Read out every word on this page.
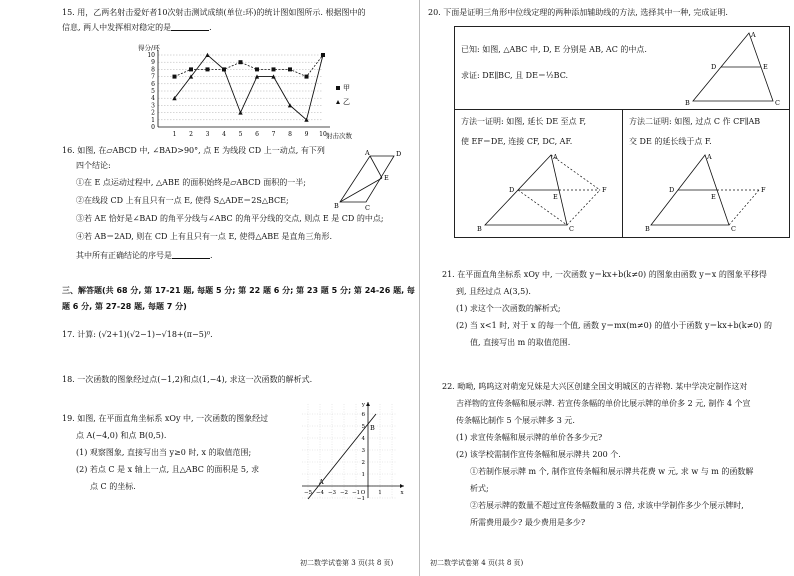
15. 用，乙两名射击爱好者10次射击测试成绩(单位:环)的统计图如图所示. 根据图中的

信息, 两人中发挥相对稳定的是	.

得分/环
射击次数
10
9
8
7
6
5
4
3
2
1
0
1 2 3 4 5 6 7 8 9 10
甲
乙

16. 如图, 在▱ABCD 中, ∠BAD>90°, 点 E 为线段 CD 上一动点, 有下列

四个结论:

①在 E 点运动过程中, △ABE 的面积始终是▱ABCD 面积的一半;

②在线段 CD 上有且只有一点 E, 使得 S△ADE＝2S△BCE;

③若 AE 恰好是∠BAD 的角平分线与∠ABC 的角平分线的交点, 则点 E 是 CD 的中点;

④若 AB＝2AD, 则在 CD 上有且只有一点 E, 使得△ABE 是直角三角形.

其中所有正确结论的序号是	.

A	D
E
B	C

三、解答题(共 68 分, 第 17-21 题, 每题 5 分; 第 22 题 6 分; 第 23 题 5 分; 第 24-26 题, 每

题 6 分, 第 27-28 题, 每题 7 分)

17. 计算: (√2+1)(√2−1)−√18+(π−5)⁰.

18. 一次函数的图象经过点(−1,2)和点(1,−4), 求这一次函数的解析式.

19. 如图, 在平面直角坐标系 xOy 中, 一次函数的图象经过

点 A(−4,0) 和点 B(0,5).

(1) 观察图象, 直接写出当 y≥0 时, x 的取值范围;

(2) 若点 C 是 x 轴上一点, 且△ABC 的面积是 5, 求

点 C 的坐标.

−5 −4 −3 −2 −1 O 1	x
y
6
5
4
3
2
1
−1
A
B
初二数学试卷第 3 页(共 8 页)

20. 下面是证明三角形中位线定理的两种添加辅助线的方法, 选择其中一种, 完成证明.

已知: 如图, △ABC 中, D, E 分别是 AB, AC 的中点.

求证: DE∥BC, 且 DE＝½BC.

方法一证明: 如图, 延长 DE 至点 F,

使 EF＝DE, 连接 CF, DC, AF.

方法二证明: 如图, 过点 C 作 CF∥AB

交 DE 的延长线于点 F.

A
D	E
B	C
A
D
E
F
B	C
A
D
E
F
B	C

21. 在平面直角坐标系 xOy 中, 一次函数 y＝kx+b(k≠0) 的图象由函数 y＝x 的图象平移得

到, 且经过点 A(3,5).

(1) 求这个一次函数的解析式;

(2) 当 x<1 时, 对于 x 的每一个值, 函数 y＝mx(m≠0) 的值小于函数 y＝kx+b(k≠0) 的

值, 直接写出 m 的取值范围.

22. 呦呦, 呜呜这对萌宠兄妹是大兴区创建全国文明城区的吉祥物. 某中学决定制作这对

吉祥物的宣传条幅和展示牌. 若宣传条幅的单价比展示牌的单价多 2 元, 制作 4 个宣

传条幅比制作 5 个展示牌多 3 元.

(1) 求宣传条幅和展示牌的单价各多少元?

(2) 该学校需制作宣传条幅和展示牌共 200 个.

①若制作展示牌 m 个, 制作宣传条幅和展示牌共花费 w 元, 求 w 与 m 的函数解

析式;

②若展示牌的数量不超过宣传条幅数量的 3 倍, 求该中学制作多少个展示牌时,

所需费用最少? 最少费用是多少?

初二数学试卷第 4 页(共 8 页)
